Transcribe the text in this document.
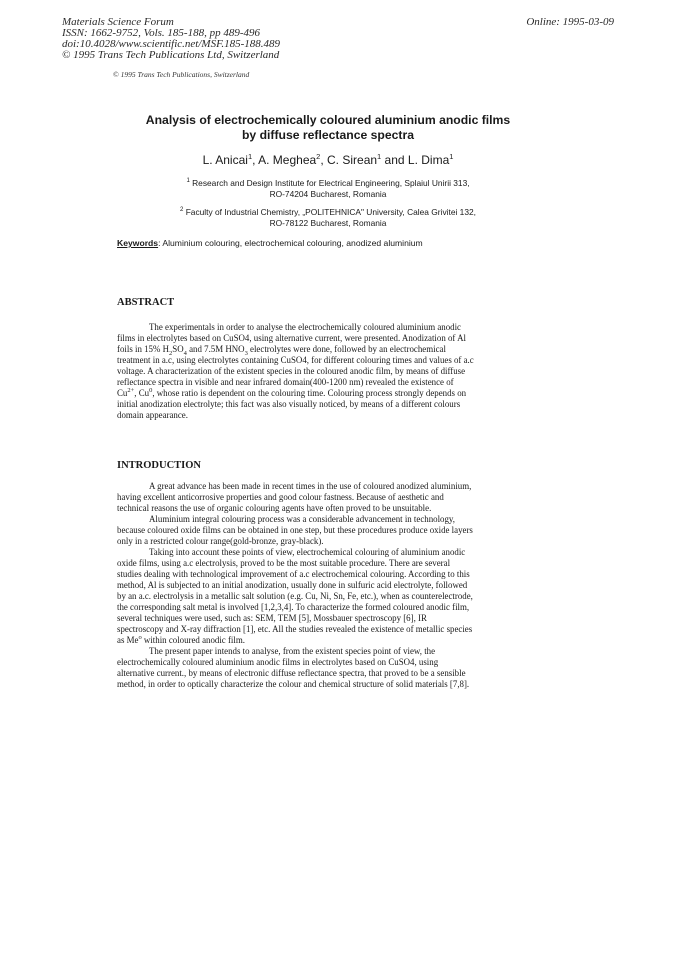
Materials Science Forum
ISSN: 1662-9752, Vols. 185-188, pp 489-496
doi:10.4028/www.scientific.net/MSF.185-188.489
© 1995 Trans Tech Publications Ltd, Switzerland
Online: 1995-03-09
© 1995 Trans Tech Publications, Switzerland
Analysis of electrochemically coloured aluminium anodic films
by diffuse reflectance spectra
L. Anicai$^1$, A. Meghea$^2$, C. Sirean$^1$ and L. Dima$^1$
$^1$ Research and Design Institute for Electrical Engineering, Splaiul Unirii 313,
RO-74204 Bucharest, Romania
$^2$ Faculty of Industrial Chemistry, „POLITEHNICA" University, Calea Grivitei 132,
RO-78122 Bucharest, Romania
Keywords: Aluminium colouring, electrochemical colouring, anodized aluminium
ABSTRACT
The experimentals in order to analyse the electrochemically coloured aluminium anodic
films in electrolytes based on CuSO4, using alternative current, were presented. Anodization of Al
foils in 15% $H_2SO_4$ and 7.5M $HNO_3$ electrolytes were done, followed by an electrochemical
treatment in a.c, using electrolytes containing CuSO4, for different colouring times and values of a.c
voltage. A characterization of the existent species in the coloured anodic film, by means of diffuse
reflectance spectra in visible and near infrared domain(400-1200 nm) revealed the existence of
$Cu^{2+}$, Cu$^0$, whose ratio is dependent on the colouring time. Colouring process strongly depends on
initial anodization electrolyte; this fact was also visually noticed, by means of a different colours
domain appearance.
INTRODUCTION
A great advance has been made in recent times in the use of coloured anodized aluminium,
having excellent anticorrosive properties and good colour fastness. Because of aesthetic and
technical reasons the use of organic colouring agents have often proved to be unsuitable.
Aluminium integral colouring process was a considerable advancement in technology,
because coloured oxide films can be obtained in one step, but these procedures produce oxide layers
only in a restricted colour range(gold-bronze, gray-black).
Taking into account these points of view, electrochemical colouring of aluminium anodic
oxide films, using a.c electrolysis, proved to be the most suitable procedure. There are several
studies dealing with technological improvement of a.c electrochemical colouring. According to this
method, Al is subjected to an initial anodization, usually done in sulfuric acid electrolyte, followed
by an a.c. electrolysis in a metallic salt solution (e.g. Cu, Ni, Sn, Fe, etc.), when as counterelectrode,
the corresponding salt metal is involved [1,2,3,4]. To characterize the formed coloured anodic film,
several techniques were used, such as: SEM, TEM [5], Mossbauer spectroscopy [6], IR
spectroscopy and X-ray diffraction [1], etc. All the studies revealed the existence of metallic species
as Me$^o$ within coloured anodic film.
The present paper intends to analyse, from the existent species point of view, the
electrochemically coloured aluminium anodic films in electrolytes based on CuSO4, using
alternative current., by means of electronic diffuse reflectance spectra, that proved to be a sensible
method, in order to optically characterize the colour and chemical structure of solid materials [7,8].
